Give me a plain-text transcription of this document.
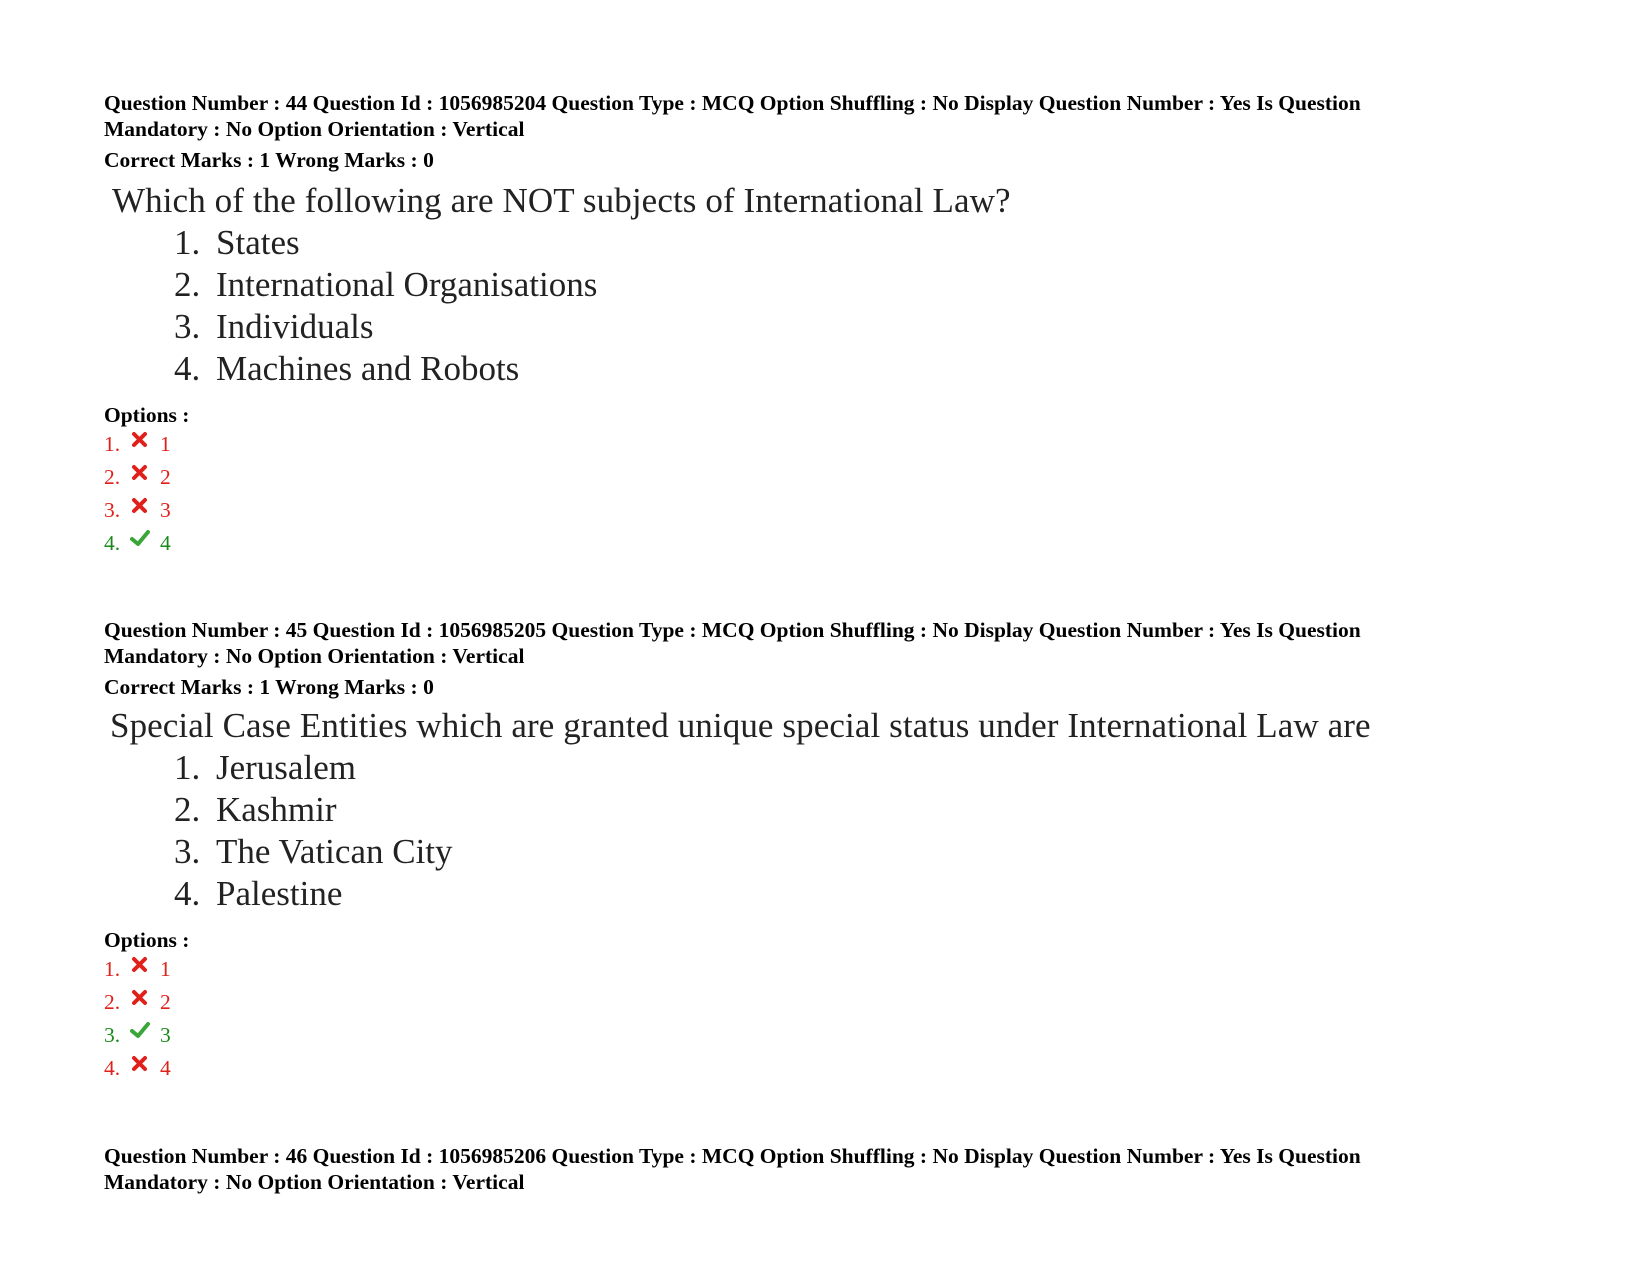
Question Number : 44 Question Id : 1056985204 Question Type : MCQ Option Shuffling : No Display Question Number : Yes Is Question

Mandatory : No Option Orientation : Vertical

Correct Marks : 1 Wrong Marks : 0
Which of the following are NOT subjects of International Law?
1. States
2. International Organisations
3. Individuals
4. Machines and Robots
Options :
1.	1
2.	2
3.	3
4.	4

Question Number : 45 Question Id : 1056985205 Question Type : MCQ Option Shuffling : No Display Question Number : Yes Is Question

Mandatory : No Option Orientation : Vertical

Correct Marks : 1 Wrong Marks : 0
Special Case Entities which are granted unique special status under International Law are
1. Jerusalem
2. Kashmir
3. The Vatican City
4. Palestine
Options :
1.	1
2.	2
3.	3
4.	4

Question Number : 46 Question Id : 1056985206 Question Type : MCQ Option Shuffling : No Display Question Number : Yes Is Question

Mandatory : No Option Orientation : Vertical
